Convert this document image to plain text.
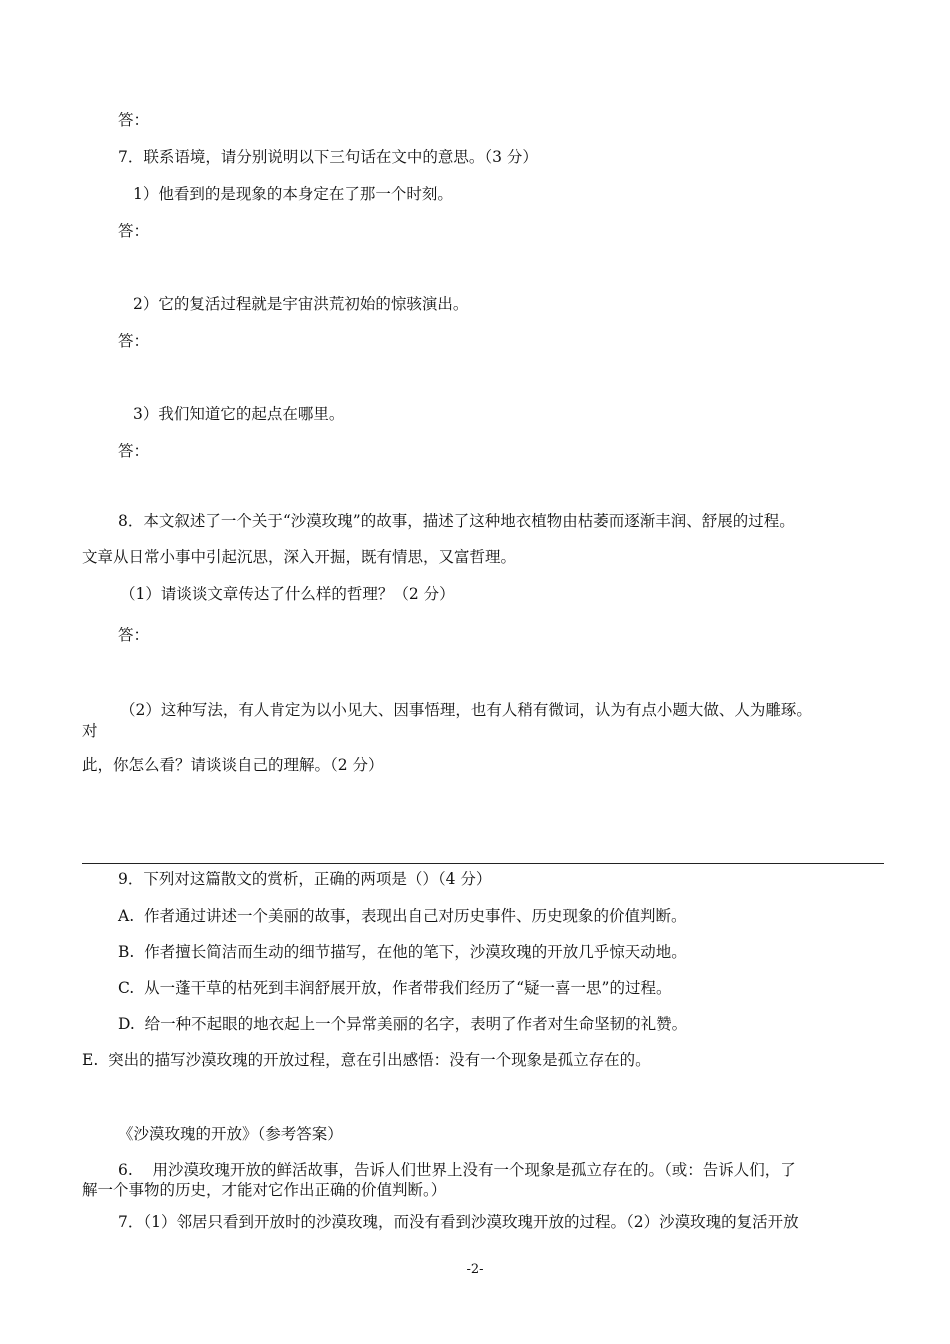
答：
7．联系语境，请分别说明以下三句话在文中的意思。（3 分）
1）他看到的是现象的本身定在了那一个时刻。
答：
2）它的复活过程就是宇宙洪荒初始的惊骇演出。
答：
3）我们知道它的起点在哪里。
答：
8．本文叙述了一个关于“沙漠玫瑰”的故事，描述了这种地衣植物由枯萎而逐渐丰润、舒展的过程。
文章从日常小事中引起沉思，深入开掘，既有情思，又富哲理。
（1）请谈谈文章传达了什么样的哲理？（2 分）
答：
（2）这种写法，有人肯定为以小见大、因事悟理，也有人稍有微词，认为有点小题大做、人为雕琢。
对
此，你怎么看？请谈谈自己的理解。（2 分）
9．下列对这篇散文的赏析，正确的两项是（）（4 分）
A. 作者通过讲述一个美丽的故事，表现出自己对历史事件、历史现象的价值判断。
B. 作者擅长简洁而生动的细节描写，在他的笔下，沙漠玫瑰的开放几乎惊天动地。
C. 从一蓬干草的枯死到丰润舒展开放，作者带我们经历了“疑一喜一思”的过程。
D. 给一种不起眼的地衣起上一个异常美丽的名字，表明了作者对生命坚韧的礼赞。
E. 突出的描写沙漠玫瑰的开放过程，意在引出感悟：没有一个现象是孤立存在的。
《沙漠玫瑰的开放》（参考答案）
6. 用沙漠玫瑰开放的鲜活故事，告诉人们世界上没有一个现象是孤立存在的。（或：告诉人们，了
解一个事物的历史，才能对它作出正确的价值判断。）
7．（1）邻居只看到开放时的沙漠玫瑰，而没有看到沙漠玫瑰开放的过程。（2）沙漠玫瑰的复活开放
-2-
